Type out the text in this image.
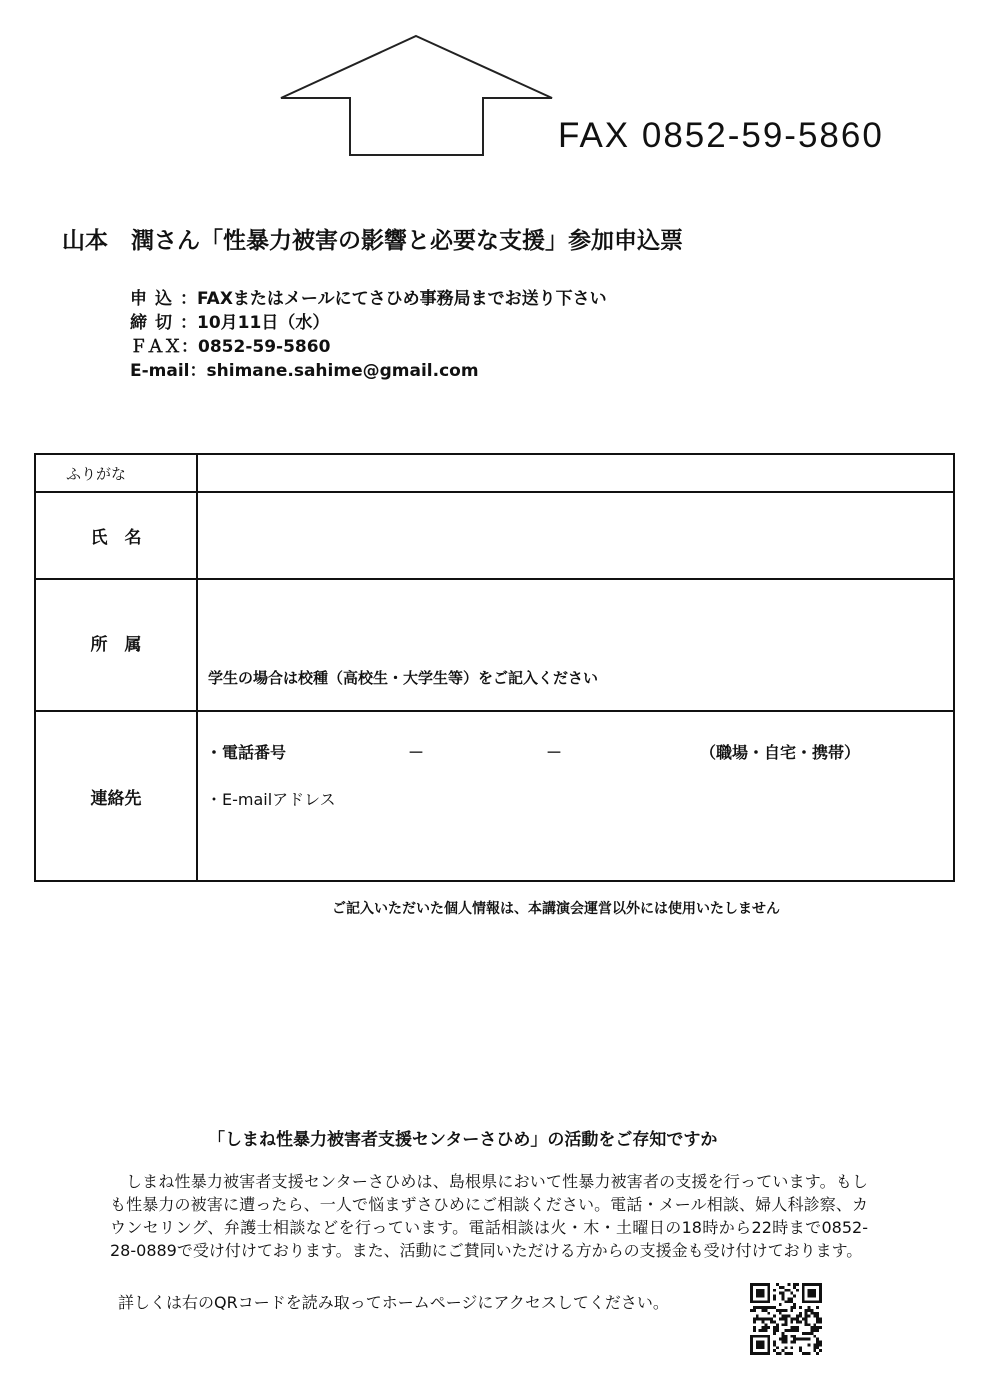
FAX 0852-59-5860
山本　潤さん「性暴力被害の影響と必要な支援」参加申込票
申込：FAXまたはメールにてさひめ事務局までお送り下さい
締切：10月11日（水）
ＦＡＸ：0852-59-5860
E-mail：shimane.sahime@gmail.com
ふりがな	
氏　名	
所　属	学生の場合は校種（高校生・大学生等）をご記入ください

連絡先	・電話番号 － － （職場・自宅・携帯）
・E-mailアドレス
ご記入いただいた個人情報は、本講演会運営以外には使用いたしません
「しまね性暴力被害者支援センターさひめ」の活動をご存知ですか

しまね性暴力被害者支援センターさひめは、島根県において性暴力被害者の支援を行っています。もしも性暴力の被害に遭ったら、一人で悩まずさひめにご相談ください。電話・メール相談、婦人科診察、カウンセリング、弁護士相談などを行っています。電話相談は火・木・土曜日の18時から22時まで0852-28-0889で受け付けております。また、活動にご賛同いただける方からの支援金も受け付けております。

詳しくは右のQRコードを読み取ってホームページにアクセスしてください。
